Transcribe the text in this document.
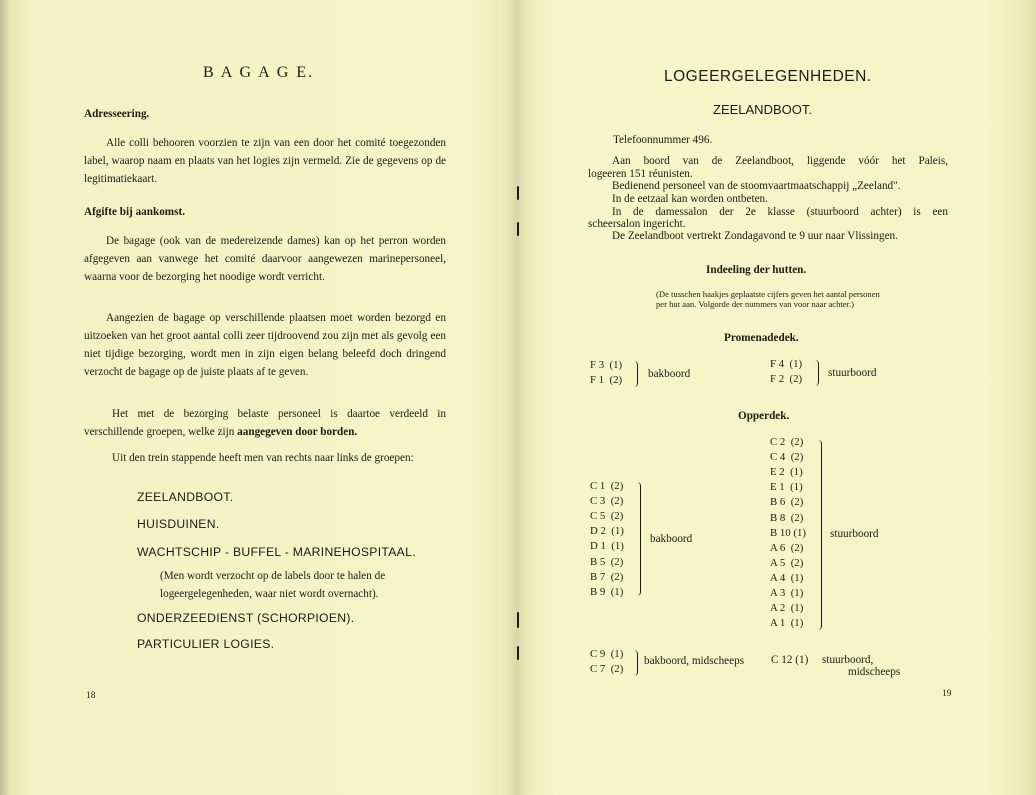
B A G A G E.
Adresseering.
Alle colli behooren voorzien te zijn van een door het comité toegezonden label, waarop naam en plaats van het logies zijn vermeld. Zie de gegevens op de legitimatiekaart.
Afgifte bij aankomst.
De bagage (ook van de medereizende dames) kan op het perron worden afgegeven aan vanwege het comité daarvoor aangewezen marinepersoneel, waarna voor de bezorging het noodige wordt verricht.
Aangezien de bagage op verschillende plaatsen moet worden bezorgd en uitzoeken van het groot aantal colli zeer tijdroovend zou zijn met als gevolg een niet tijdige bezorging, wordt men in zijn eigen belang beleefd doch dringend verzocht de bagage op de juiste plaats af te geven.
Het met de bezorging belaste personeel is daartoe verdeeld in verschillende groepen, welke zijn aangegeven door borden.
Uit den trein stappende heeft men van rechts naar links de groepen:
ZEELANDBOOT.
HUISDUINEN.
WACHTSCHIP - BUFFEL - MARINEHOSPITAAL.
(Men wordt verzocht op de labels door te halen de
logeergelegenheden, waar niet wordt overnacht).
ONDERZEEDIENST (SCHORPIOEN).
PARTICULIER LOGIES.
18
LOGEERGELEGENHEDEN.
ZEELANDBOOT.
Telefoonnummer 496.
Aan boord van de Zeelandboot, liggende vóór het Paleis,
logeeren 151 réunisten.
Bedienend personeel van de stoomvaartmaatschappij „Zeeland".
In de eetzaal kan worden ontbeten.
In de damessalon der 2e klasse (stuurboord achter) is een
scheersalon ingericht.
De Zeelandboot vertrekt Zondagavond te 9 uur naar Vlissingen.
Indeeling der hutten.
(De tusschen haakjes geplaatste cijfers geven het aantal personen
per hut aan. Volgorde der nummers van voor naar achter.)
Promenadedek.
F 3  (1)
F 1  (2) bakboord
F 4  (1)
F 2  (2) stuurboord
Opperdek.
C 1  (2)
C 3  (2)
C 5  (2)
D 2  (1)
D 1  (1)
B 5  (2)
B 7  (2)
B 9  (1)
bakboord
C 2  (2)
C 4  (2)
E 2  (1)
E 1  (1)
B 6  (2)
B 8  (2)
B 10 (1)
A 6  (2)
A 5  (2)
A 4  (1)
A 3  (1)
A 2  (1)
A 1  (1)
stuurboord
C 9  (1)
C 7  (2)
bakboord, midscheeps C 12 (1) stuurboord,
midscheeps
19
